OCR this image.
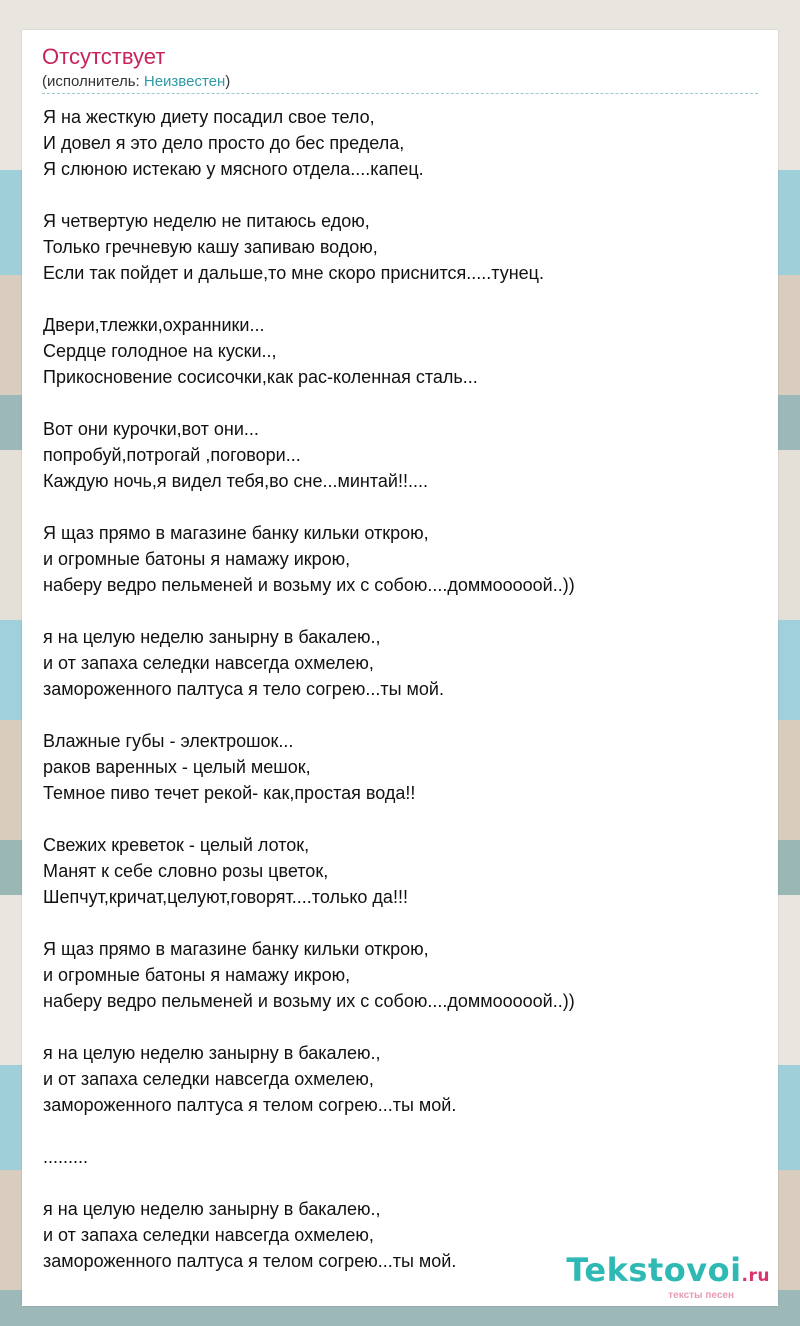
Отсутствует
(исполнитель: Неизвестен)
Я на жесткую диету посадил свое тело,
И довел я это дело просто до бес предела,
Я слюною истекаю у мясного отдела....капец.
Я четвертую неделю не питаюсь едою,
Только гречневую кашу запиваю водою,
Если так пойдет и дальше,то мне скоро приснится.....тунец.
Двери,тлежки,охранники...
Сердце голодное на куски..,
Прикосновение сосисочки,как рас-коленная сталь...
Вот они курочки,вот они...
попробуй,потрогай ,поговори...
Каждую ночь,я видел тебя,во сне...минтай!!....
Я щаз прямо в магазине банку кильки открою,
и огромные батоны я намажу икрою,
наберу ведро пельменей и возьму их с собою....доммооооой..))
я на целую неделю занырну в бакалею.,
и от запаха селедки навсегда охмелею,
замороженного палтуса я тело согрею...ты мой.
Влажные губы - электрошок...
раков варенных - целый мешок,
Темное пиво течет рекой- как,простая вода!!
Свежих креветок - целый лоток,
Манят к себе словно розы цветок,
Шепчут,кричат,целуют,говорят....только да!!!
Я щаз прямо в магазине банку кильки открою,
и огромные батоны я намажу икрою,
наберу ведро пельменей и возьму их с собою....доммооооой..))
я на целую неделю занырну в бакалею.,
и от запаха селедки навсегда охмелею,
замороженного палтуса я телом согрею...ты мой.
.........
я на целую неделю занырну в бакалею.,
и от запаха селедки навсегда охмелею,
замороженного палтуса я телом согрею...ты мой.	Tekstovoi.ru
тексты песен
